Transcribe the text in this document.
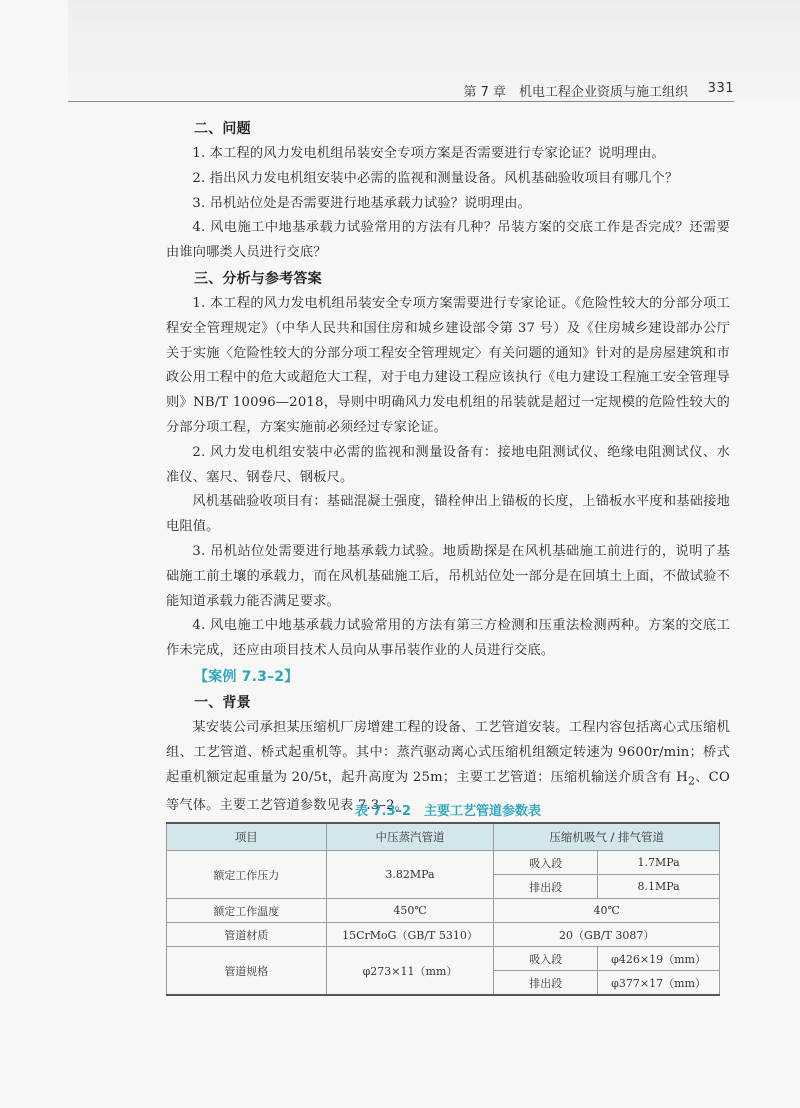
第 7 章　机电工程企业资质与施工组织 331
二、问题

1. 本工程的风力发电机组吊装安全专项方案是否需要进行专家论证？说明理由。

2. 指出风力发电机组安装中必需的监视和测量设备。风机基础验收项目有哪几个？

3. 吊机站位处是否需要进行地基承载力试验？说明理由。

4. 风电施工中地基承载力试验常用的方法有几种？吊装方案的交底工作是否完成？还需要由谁向哪类人员进行交底？

三、分析与参考答案

1. 本工程的风力发电机组吊装安全专项方案需要进行专家论证。《危险性较大的分部分项工程安全管理规定》（中华人民共和国住房和城乡建设部令第 37 号）及《住房城乡建设部办公厅关于实施〈危险性较大的分部分项工程安全管理规定〉有关问题的通知》针对的是房屋建筑和市政公用工程中的危大或超危大工程，对于电力建设工程应该执行《电力建设工程施工安全管理导则》NB/T 10096—2018，导则中明确风力发电机组的吊装就是超过一定规模的危险性较大的分部分项工程，方案实施前必须经过专家论证。

2. 风力发电机组安装中必需的监视和测量设备有：接地电阻测试仪、绝缘电阻测试仪、水准仪、塞尺、钢卷尺、钢板尺。

风机基础验收项目有：基础混凝土强度，锚栓伸出上锚板的长度，上锚板水平度和基础接地电阻值。

3. 吊机站位处需要进行地基承载力试验。地质勘探是在风机基础施工前进行的，说明了基础施工前土壤的承载力，而在风机基础施工后，吊机站位处一部分是在回填土上面，不做试验不能知道承载力能否满足要求。

4. 风电施工中地基承载力试验常用的方法有第三方检测和压重法检测两种。方案的交底工作未完成，还应由项目技术人员向从事吊装作业的人员进行交底。

【案例 7.3–2】
一、背景

某安装公司承担某压缩机厂房增建工程的设备、工艺管道安装。工程内容包括离心式压缩机组、工艺管道、桥式起重机等。其中：蒸汽驱动离心式压缩机组额定转速为 9600r/min；桥式起重机额定起重量为 20/5t，起升高度为 25m；主要工艺管道：压缩机输送介质含有 $H_2$、CO 等气体。主要工艺管道参数见表 7.3–2。

表 7.3–2　主要工艺管道参数表
项目	中压蒸汽管道	压缩机吸气 / 排气管道	
额定工作压力	3.82MPa	吸入段	1.7MPa
		排出段	8.1MPa
额定工作温度	450℃	40℃	
管道材质	15CrMoG（GB/T 5310）	20（GB/T 3087）	
管道规格	φ273×11（mm）	吸入段	φ426×19（mm）
		排出段	φ377×17（mm）
